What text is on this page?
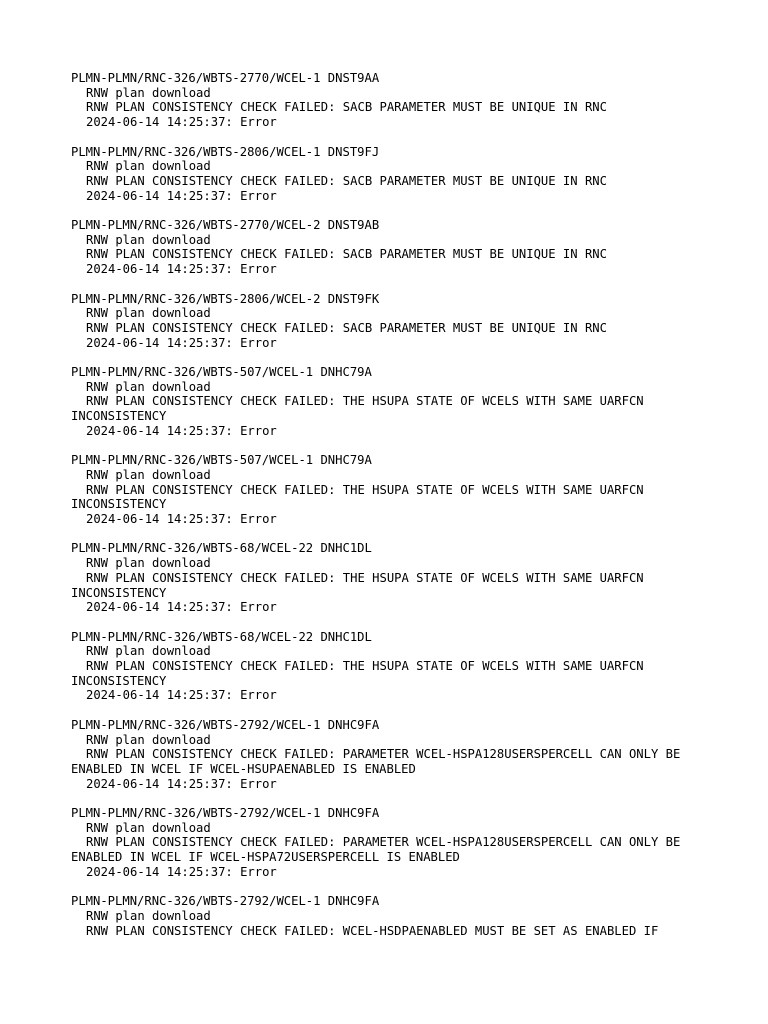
PLMN-PLMN/RNC-326/WBTS-2770/WCEL-1 DNST9AA
RNW plan download
RNW PLAN CONSISTENCY CHECK FAILED: SACB PARAMETER MUST BE UNIQUE IN RNC
2024-06-14 14:25:37: Error
PLMN-PLMN/RNC-326/WBTS-2806/WCEL-1 DNST9FJ
RNW plan download
RNW PLAN CONSISTENCY CHECK FAILED: SACB PARAMETER MUST BE UNIQUE IN RNC
2024-06-14 14:25:37: Error
PLMN-PLMN/RNC-326/WBTS-2770/WCEL-2 DNST9AB
RNW plan download
RNW PLAN CONSISTENCY CHECK FAILED: SACB PARAMETER MUST BE UNIQUE IN RNC
2024-06-14 14:25:37: Error
PLMN-PLMN/RNC-326/WBTS-2806/WCEL-2 DNST9FK
RNW plan download
RNW PLAN CONSISTENCY CHECK FAILED: SACB PARAMETER MUST BE UNIQUE IN RNC
2024-06-14 14:25:37: Error
PLMN-PLMN/RNC-326/WBTS-507/WCEL-1 DNHC79A
RNW plan download
RNW PLAN CONSISTENCY CHECK FAILED: THE HSUPA STATE OF WCELS WITH SAME UARFCN INCONSISTENCY
2024-06-14 14:25:37: Error
PLMN-PLMN/RNC-326/WBTS-507/WCEL-1 DNHC79A
RNW plan download
RNW PLAN CONSISTENCY CHECK FAILED: THE HSUPA STATE OF WCELS WITH SAME UARFCN INCONSISTENCY
2024-06-14 14:25:37: Error
PLMN-PLMN/RNC-326/WBTS-68/WCEL-22 DNHC1DL
RNW plan download
RNW PLAN CONSISTENCY CHECK FAILED: THE HSUPA STATE OF WCELS WITH SAME UARFCN INCONSISTENCY
2024-06-14 14:25:37: Error
PLMN-PLMN/RNC-326/WBTS-68/WCEL-22 DNHC1DL
RNW plan download
RNW PLAN CONSISTENCY CHECK FAILED: THE HSUPA STATE OF WCELS WITH SAME UARFCN INCONSISTENCY
2024-06-14 14:25:37: Error
PLMN-PLMN/RNC-326/WBTS-2792/WCEL-1 DNHC9FA
RNW plan download
RNW PLAN CONSISTENCY CHECK FAILED: PARAMETER WCEL-HSPA128USERSPERCELL CAN ONLY BE ENABLED IN WCEL IF WCEL-HSUPAENABLED IS ENABLED
2024-06-14 14:25:37: Error
PLMN-PLMN/RNC-326/WBTS-2792/WCEL-1 DNHC9FA
RNW plan download
RNW PLAN CONSISTENCY CHECK FAILED: PARAMETER WCEL-HSPA128USERSPERCELL CAN ONLY BE ENABLED IN WCEL IF WCEL-HSPA72USERSPERCELL IS ENABLED
2024-06-14 14:25:37: Error
PLMN-PLMN/RNC-326/WBTS-2792/WCEL-1 DNHC9FA
RNW plan download
RNW PLAN CONSISTENCY CHECK FAILED: WCEL-HSDPAENABLED MUST BE SET AS ENABLED IF
